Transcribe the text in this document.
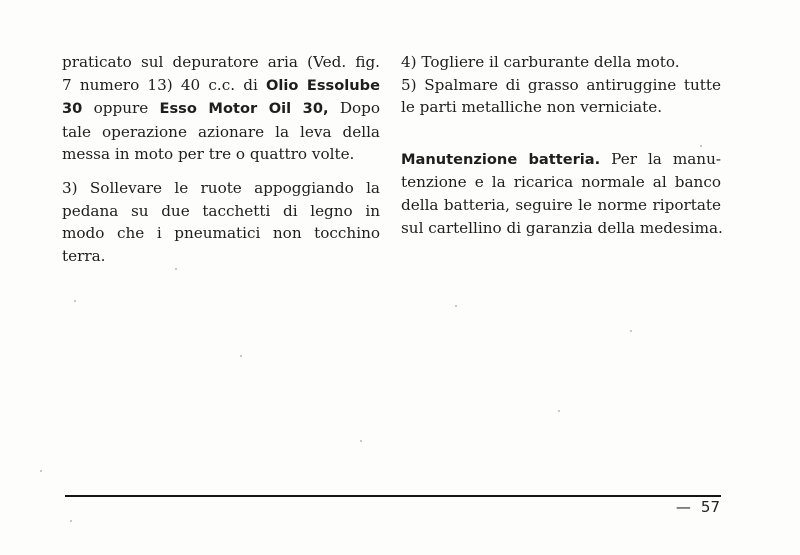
praticato sul depuratore aria (Ved. fig.
7 numero 13) 40 c.c. di Olio Essolube
30 oppure Esso Motor Oil 30, Dopo
tale operazione azionare la leva della
messa in moto per tre o quattro volte.
3) Sollevare le ruote appoggiando la
pedana su due tacchetti di legno in
modo che i pneumatici non tocchino
terra.
4) Togliere il carburante della moto.
5) Spalmare di grasso antiruggine tutte
le parti metalliche non verniciate.
Manutenzione batteria. Per la manu-
tenzione e la ricarica normale al banco
della batteria, seguire le norme riportate
sul cartellino di garanzia della medesima.
— 57
